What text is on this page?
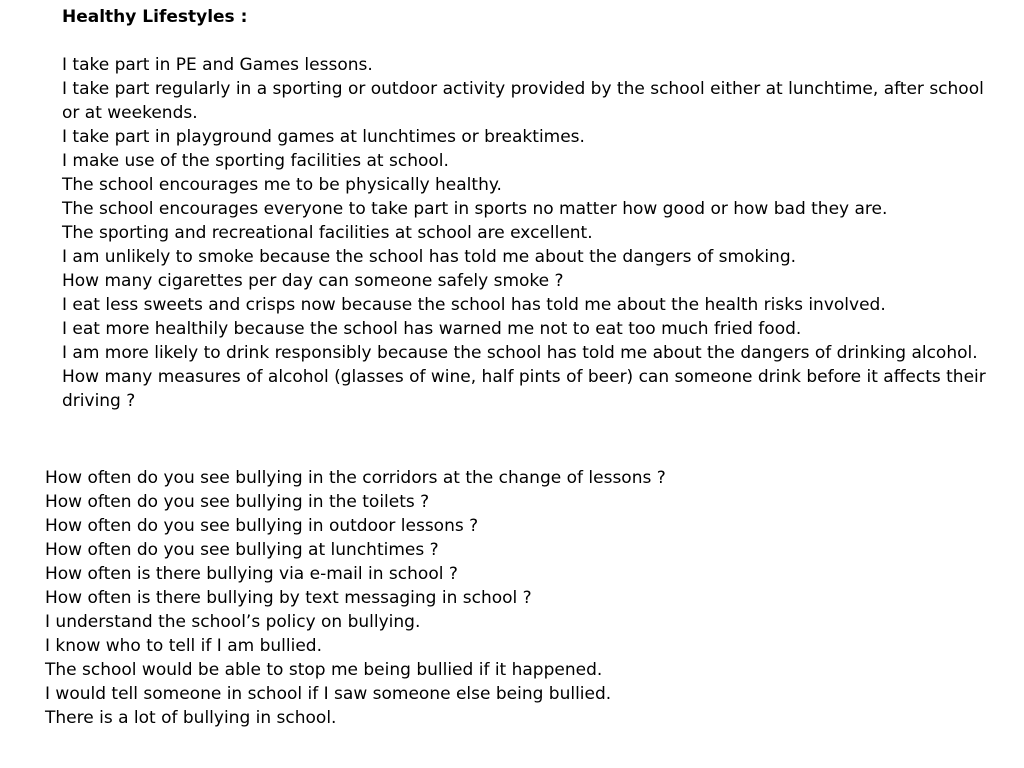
Healthy Lifestyles :
I take part in PE and Games lessons.
I take part regularly in a sporting or outdoor activity provided by the school either at lunchtime, after school or at weekends.
I take part in playground games at lunchtimes or breaktimes.
I make use of the sporting facilities at school.
The school encourages me to be physically healthy.
The school encourages everyone to take part in sports no matter how good or how bad they are.
The sporting and recreational facilities at school are excellent.
I am unlikely to smoke because the school has told me about the dangers of smoking.
How many cigarettes per day can someone safely smoke ?
I eat less sweets and crisps now because the school has told me about the health risks involved.
I eat more healthily because the school has warned me not to eat too much fried food.
I am more likely to drink responsibly because the school has told me about the dangers of drinking alcohol.
How many measures of alcohol (glasses of wine, half pints of beer) can someone drink before it affects their driving ?
How often do you see bullying in the corridors at the change of lessons ?
How often do you see bullying in the toilets ?
How often do you see bullying in outdoor lessons ?
How often do you see bullying at lunchtimes ?
How often is there bullying via e-mail in school ?
How often is there bullying by text messaging in school ?
I understand the school’s policy on bullying.
I know who to tell if I am bullied.
The school would be able to stop me being bullied if it happened.
I would tell someone in school if I saw someone else being bullied.
There is a lot of bullying in school.
